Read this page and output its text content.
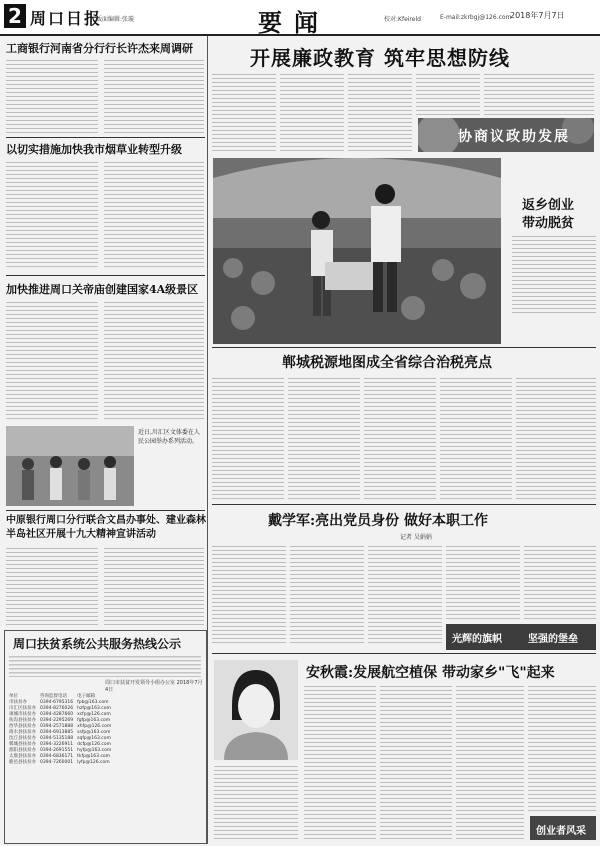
2 周口日报
版面编辑:张璇	要闻	校对:Kfeireld	E-mail:zkrbgj@126.com
2018年7月7日
工商银行河南省分行行长许杰来周调研
以切实措施加快我市烟草业转型升级
加快推进周口关帝庙创建国家4A级景区
近日,川汇区文体委在人民公园举办系列活动。
中原银行周口分行联合文昌办事处、建业森林半岛社区开展十九大精神宣讲活动
周口扶贫系统公共服务热线公示
周口市扶贫开发领导小组办公室 2018年7月4日
单位	咨询监督电话	电子邮箱
市扶贫办	0394-6795316	fpb@163.com
川汇区扶贫办	0394-8276026	hzfp@163.com
项城市扶贫办	0394-4287660	xcfp@126.com
扶沟县扶贫办	0394-2295269	fgfp@163.com
西华县扶贫办	0394-2571888	xhfp@126.com
商水县扶贫办	0394-6913885	ssfp@163.com
沈丘县扶贫办	0394-5135188	sqfp@163.com
郸城县扶贫办	0394-3226911	dcfp@126.com
淮阳县扶贫办	0394-2691551	hyfp@163.com
太康县扶贫办	0394-6836171	tkfp@163.com
鹿邑县扶贫办	0394-7260001	lyfp@126.com
开展廉政教育 筑牢思想防线
协商议政助发展
返乡创业
带动脱贫
郸城税源地图成全省综合治税亮点
戴学军:亮出党员身份 做好本职工作
记者 吴娟娟
光辉的旗帜	坚强的堡垒
安秋霞:发展航空植保 带动家乡"飞"起来
创业者风采
